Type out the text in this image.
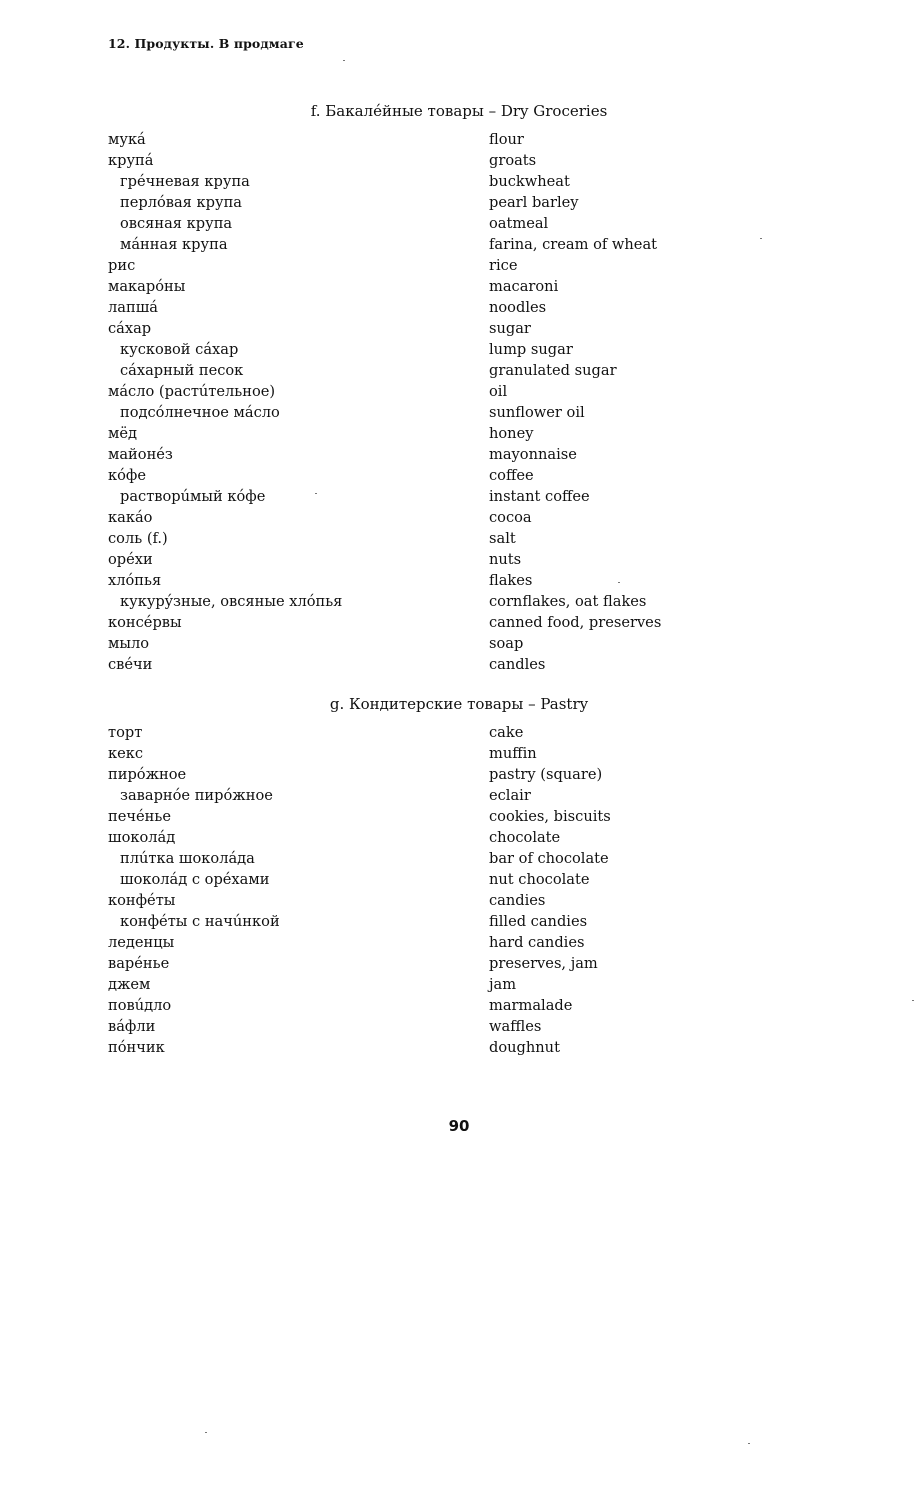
12. Продукты. В продмаге
f. Бакалéйные товары – Dry Groceries
мукá	flour
крупá	groats
грéчневая крупа	buckwheat
перлóвая крупа	pearl barley
овсяная крупа	oatmeal
мáнная крупа	farina, cream of wheat
рис	rice
макарóны	macaroni
лапшá	noodles
сáхар	sugar
кусковой сáхар	lump sugar
сáхарный песок	granulated sugar
мáсло (растúтельное)	oil
подсóлнечное мáсло	sunflower oil
мёд	honey
майонéз	mayonnaise
кóфе	coffee
растворúмый кóфе	instant coffee
какáо	cocoa
соль (f.)	salt
орéхи	nuts
хлóпья	flakes
кукурýзные, овсяные хлóпья	cornflakes, oat flakes
консéрвы	canned food, preserves
мыло	soap
свéчи	candles
g. Кондитерские товары – Pastry
торт	cake
кекс	muffin
пирóжное	pastry (square)
заварнóе пирóжное	eclair
печéнье	cookies, biscuits
шоколáд	chocolate
плúтка шоколáда	bar of chocolate
шоколáд с орéхами	nut chocolate
конфéты	candies
конфéты с начúнкой	filled candies
леденцы	hard candies
варéнье	preserves, jam
джем	jam
повúдло	marmalade
вáфли	waffles
пóнчик	doughnut
90
